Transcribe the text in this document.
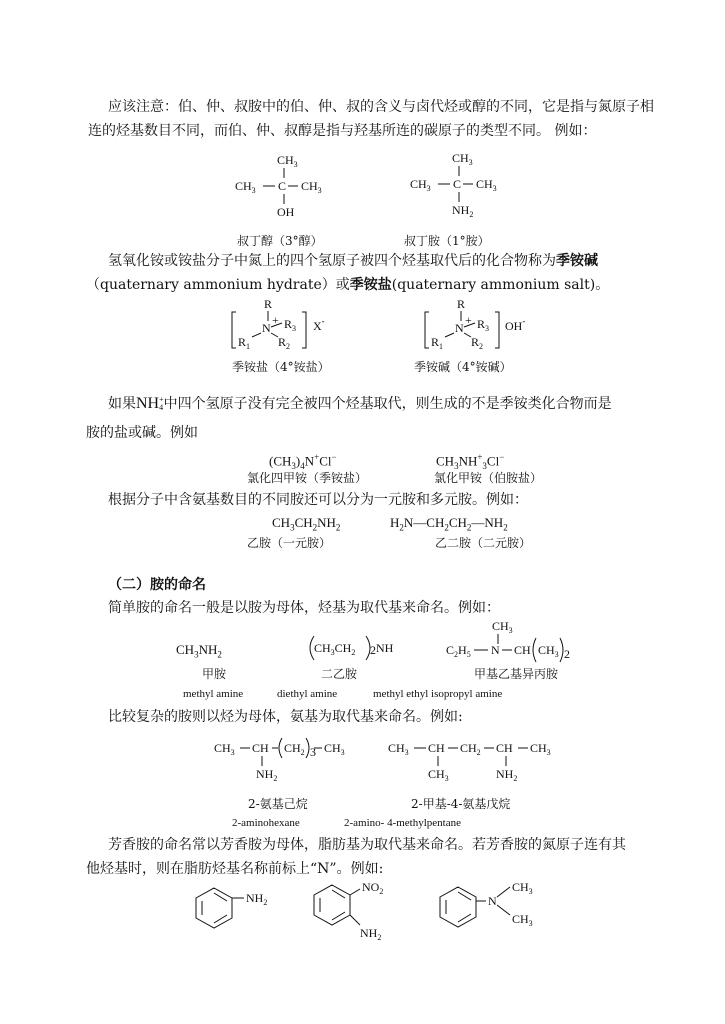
应该注意：伯、仲、叔胺中的伯、仲、叔的含义与卤代烃或醇的不同，它是指与氮原子相
连的烃基数目不同，而伯、仲、叔醇是指与羟基所连的碳原子的类型不同。 例如：
$CH_3$
$CH_3$ C $CH_3$
OH
叔丁醇（3°醇）
$CH_3$
$CH_3$ C $CH_3$
$NH_2$
叔丁胺（1°胺）
氢氧化铵或铵盐分子中氮上的四个氢原子被四个烃基取代后的化合物称为季铵碱
（quaternary ammonium hydrate）或季铵盐(quaternary ammonium salt)。
R
N
+ $R_3$
$R_1$ $R_2$
X-
季铵盐（4°铵盐）
R
N
+ $R_3$
$R_1$ $R_2$
OH-
季铵碱（4°铵碱）
如果NH +
4 中四个氢原子没有完全被四个烃基取代，则生成的不是季铵类化合物而是
胺的盐或碱。例如
$(CH_3)_4N^+Cl^-$	$CH_3NH^+_3Cl^-$
氯化四甲铵（季铵盐）	氯化甲铵（伯胺盐）
根据分子中含氨基数目的不同胺还可以分为一元胺和多元胺。例如：
$CH_3CH_2NH_2$	$H_2N—CH_2CH_2—NH_2$
乙胺（一元胺）	乙二胺（二元胺）
（二）胺的命名
简单胺的命名一般是以胺为母体，烃基为取代基来命名。例如：
$CH_3NH_2$	$CH_3CH_2$ 2 NH
$CH_3$
$C_2H_5$ N CH $CH_3$ 2
甲胺	二乙胺	甲基乙基异丙胺
methyl amine	diethyl amine	methyl ethyl isopropyl amine
比较复杂的胺则以烃为母体，氨基为取代基来命名。例如:
$CH_3$ CH
$NH_2$
$CH_2$ 3 $CH_3$	$CH_3$ CH
$CH_3$
$CH_2$ CH
$NH_2$
$CH_3$
2-氨基己烷	2-甲基-4-氨基戊烷
2-aminohexane	2-amino- 4-methylpentane
芳香胺的命名常以芳香胺为母体，脂肪基为取代基来命名。若芳香胺的氮原子连有其
他烃基时，则在脂肪烃基名称前标上“N”。例如:
$NH_2$
$NO_2$
$NH_2$
N
$CH_3$
$CH_3$
